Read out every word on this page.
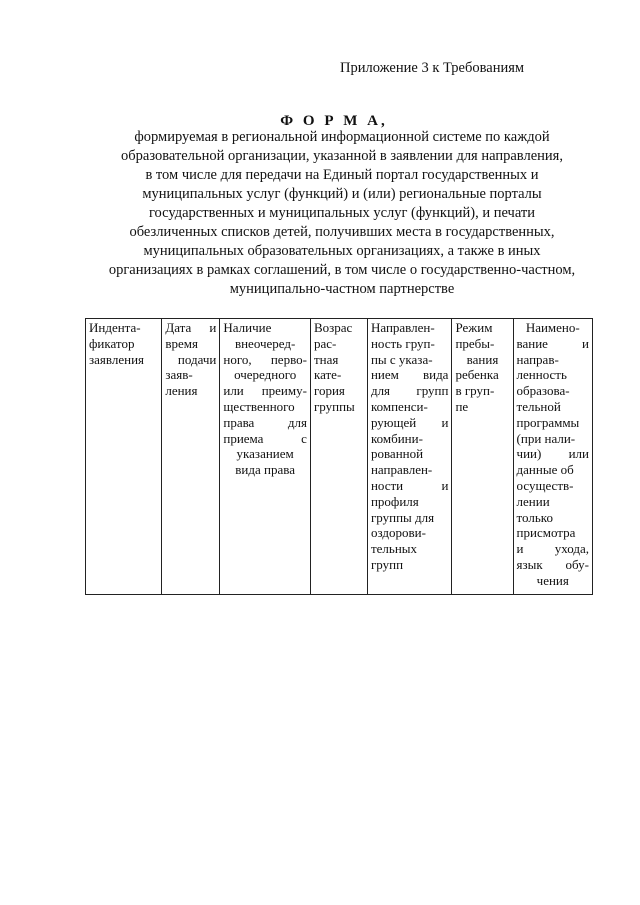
Приложение 3 к Требованиям
Ф О Р М А,
формируемая в региональной информационной системе по каждой
образовательной организации, указанной в заявлении для направления,
в том числе для передачи на Единый портал государственных и
муниципальных услуг (функций) и (или) региональные порталы
государственных и муниципальных услуг (функций), и печати
обезличенных списков детей, получивших места в государственных,
муниципальных образовательных организациях, а также в иных
организациях в рамках соглашений, в том числе о государственно-частном,
муниципально-частном партнерстве
Индента-
фикатор
заявления

Дата и
время
подачи
заяв-
ления

Наличие
внеочеред-
ного, перво-
очередного
или преиму-
щественного
права для
приема с
указанием
вида права

Возрас
рас-
тная
кате-
гория
группы

Направлен-
ность груп-
пы с указа-
нием вида
для групп
компенси-
рующей и
комбини-
рованной
направлен-
ности и
профиля
группы для
оздорови-
тельных
групп

Режим
пребы-
вания
ребенка
в груп-
пе

Наимено-
вание и
направ-
ленность
образова-
тельной
программы
(при нали-
чии) или
данные об
осуществ-
лении
только
присмотра
и ухода,
язык обу-
чения
